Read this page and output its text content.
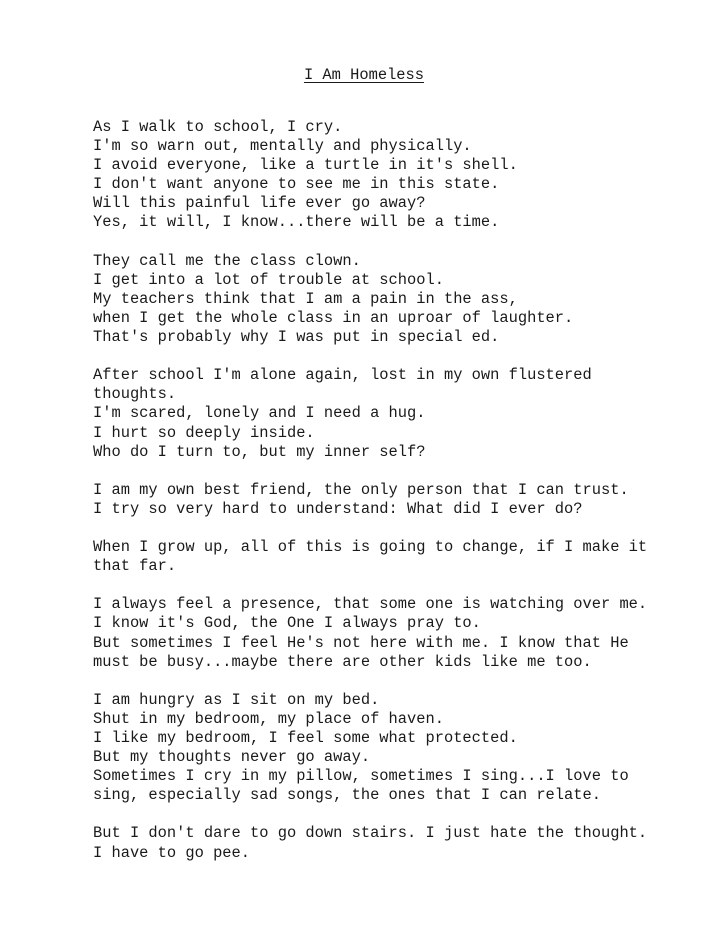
I Am Homeless
As I walk to school, I cry.
I'm so warn out, mentally and physically.
I avoid everyone, like a turtle in it's shell.
I don't want anyone to see me in this state.
Will this painful life ever go away?
Yes, it will, I know...there will be a time.
They call me the class clown.
I get into a lot of trouble at school.
My teachers think that I am a pain in the ass,
when I get the whole class in an uproar of laughter.
That's probably why I was put in special ed.
After school I'm alone again, lost in my own flustered
thoughts.
I'm scared, lonely and I need a hug.
I hurt so deeply inside.
Who do I turn to, but my inner self?
I am my own best friend, the only person that I can trust.
I try so very hard to understand: What did I ever do?
When I grow up, all of this is going to change, if I make it
that far.
I always feel a presence, that some one is watching over me.
I know it's God, the One I always pray to.
But sometimes I feel He's not here with me. I know that He
must be busy...maybe there are other kids like me too.
I am hungry as I sit on my bed.
Shut in my bedroom, my place of haven.
I like my bedroom, I feel some what protected.
But my thoughts never go away.
Sometimes I cry in my pillow, sometimes I sing...I love to
sing, especially sad songs, the ones that I can relate.
But I don't dare to go down stairs. I just hate the thought.
I have to go pee.
